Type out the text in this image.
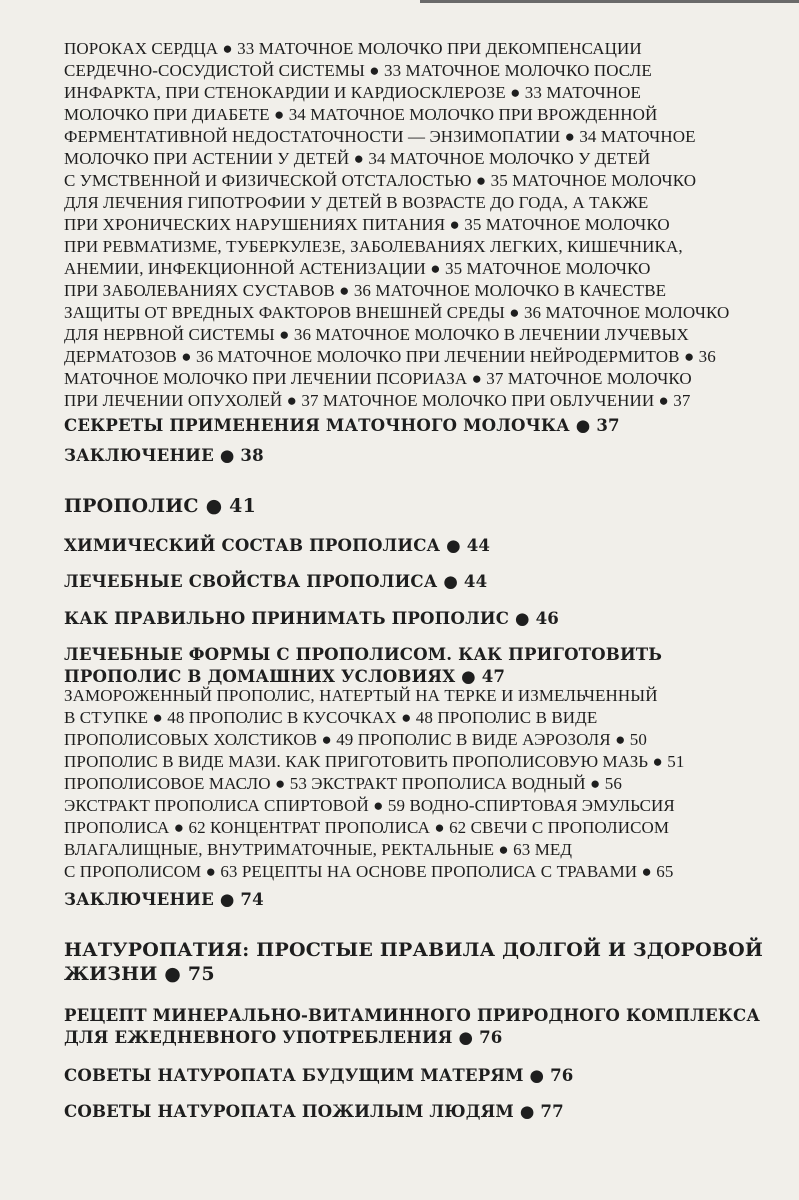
ПОРОКАХ СЕРДЦА ● 33 МАТОЧНОЕ МОЛОЧКО ПРИ ДЕКОМПЕНСАЦИИ
СЕРДЕЧНО-СОСУДИСТОЙ СИСТЕМЫ ● 33 МАТОЧНОЕ МОЛОЧКО ПОСЛЕ
ИНФАРКТА, ПРИ СТЕНОКАРДИИ И КАРДИОСКЛЕРОЗЕ ● 33 МАТОЧНОЕ
МОЛОЧКО ПРИ ДИАБЕТЕ ● 34 МАТОЧНОЕ МОЛОЧКО ПРИ ВРОЖДЕННОЙ
ФЕРМЕНТАТИВНОЙ НЕДОСТАТОЧНОСТИ — ЭНЗИМОПАТИИ ● 34 МАТОЧНОЕ
МОЛОЧКО ПРИ АСТЕНИИ У ДЕТЕЙ ● 34 МАТОЧНОЕ МОЛОЧКО У ДЕТЕЙ
С УМСТВЕННОЙ И ФИЗИЧЕСКОЙ ОТСТАЛОСТЬЮ ● 35 МАТОЧНОЕ МОЛОЧКО
ДЛЯ ЛЕЧЕНИЯ ГИПОТРОФИИ У ДЕТЕЙ В ВОЗРАСТЕ ДО ГОДА, А ТАКЖЕ
ПРИ ХРОНИЧЕСКИХ НАРУШЕНИЯХ ПИТАНИЯ ● 35 МАТОЧНОЕ МОЛОЧКО
ПРИ РЕВМАТИЗМЕ, ТУБЕРКУЛЕЗЕ, ЗАБОЛЕВАНИЯХ ЛЕГКИХ, КИШЕЧНИКА,
АНЕМИИ, ИНФЕКЦИОННОЙ АСТЕНИЗАЦИИ ● 35 МАТОЧНОЕ МОЛОЧКО
ПРИ ЗАБОЛЕВАНИЯХ СУСТАВОВ ● 36 МАТОЧНОЕ МОЛОЧКО В КАЧЕСТВЕ
ЗАЩИТЫ ОТ ВРЕДНЫХ ФАКТОРОВ ВНЕШНЕЙ СРЕДЫ ● 36 МАТОЧНОЕ МОЛОЧКО
ДЛЯ НЕРВНОЙ СИСТЕМЫ ● 36 МАТОЧНОЕ МОЛОЧКО В ЛЕЧЕНИИ ЛУЧЕВЫХ
ДЕРМАТОЗОВ ● 36 МАТОЧНОЕ МОЛОЧКО ПРИ ЛЕЧЕНИИ НЕЙРОДЕРМИТОВ ● 36
МАТОЧНОЕ МОЛОЧКО ПРИ ЛЕЧЕНИИ ПСОРИАЗА ● 37 МАТОЧНОЕ МОЛОЧКО
ПРИ ЛЕЧЕНИИ ОПУХОЛЕЙ ● 37 МАТОЧНОЕ МОЛОЧКО ПРИ ОБЛУЧЕНИИ ● 37
СЕКРЕТЫ ПРИМЕНЕНИЯ МАТОЧНОГО МОЛОЧКА ● 37
ЗАКЛЮЧЕНИЕ ● 38
ПРОПОЛИС ● 41
ХИМИЧЕСКИЙ СОСТАВ ПРОПОЛИСА ● 44
ЛЕЧЕБНЫЕ СВОЙСТВА ПРОПОЛИСА ● 44
КАК ПРАВИЛЬНО ПРИНИМАТЬ ПРОПОЛИС ● 46
ЛЕЧЕБНЫЕ ФОРМЫ С ПРОПОЛИСОМ. КАК ПРИГОТОВИТЬ
ПРОПОЛИС В ДОМАШНИХ УСЛОВИЯХ ● 47
ЗАМОРОЖЕННЫЙ ПРОПОЛИС, НАТЕРТЫЙ НА ТЕРКЕ И ИЗМЕЛЬЧЕННЫЙ
В СТУПКЕ ● 48 ПРОПОЛИС В КУСОЧКАХ ● 48 ПРОПОЛИС В ВИДЕ
ПРОПОЛИСОВЫХ ХОЛСТИКОВ ● 49 ПРОПОЛИС В ВИДЕ АЭРОЗОЛЯ ● 50
ПРОПОЛИС В ВИДЕ МАЗИ. КАК ПРИГОТОВИТЬ ПРОПОЛИСОВУЮ МАЗЬ ● 51
ПРОПОЛИСОВОЕ МАСЛО ● 53 ЭКСТРАКТ ПРОПОЛИСА ВОДНЫЙ ● 56
ЭКСТРАКТ ПРОПОЛИСА СПИРТОВОЙ ● 59 ВОДНО-СПИРТОВАЯ ЭМУЛЬСИЯ
ПРОПОЛИСА ● 62 КОНЦЕНТРАТ ПРОПОЛИСА ● 62 СВЕЧИ С ПРОПОЛИСОМ
ВЛАГАЛИЩНЫЕ, ВНУТРИМАТОЧНЫЕ, РЕКТАЛЬНЫЕ ● 63 МЕД
С ПРОПОЛИСОМ ● 63 РЕЦЕПТЫ НА ОСНОВЕ ПРОПОЛИСА С ТРАВАМИ ● 65
ЗАКЛЮЧЕНИЕ ● 74
НАТУРОПАТИЯ: ПРОСТЫЕ ПРАВИЛА ДОЛГОЙ И ЗДОРОВОЙ
ЖИЗНИ ● 75
РЕЦЕПТ МИНЕРАЛЬНО-ВИТАМИННОГО ПРИРОДНОГО КОМПЛЕКСА
ДЛЯ ЕЖЕДНЕВНОГО УПОТРЕБЛЕНИЯ ● 76
СОВЕТЫ НАТУРОПАТА БУДУЩИМ МАТЕРЯМ ● 76
СОВЕТЫ НАТУРОПАТА ПОЖИЛЫМ ЛЮДЯМ ● 77
